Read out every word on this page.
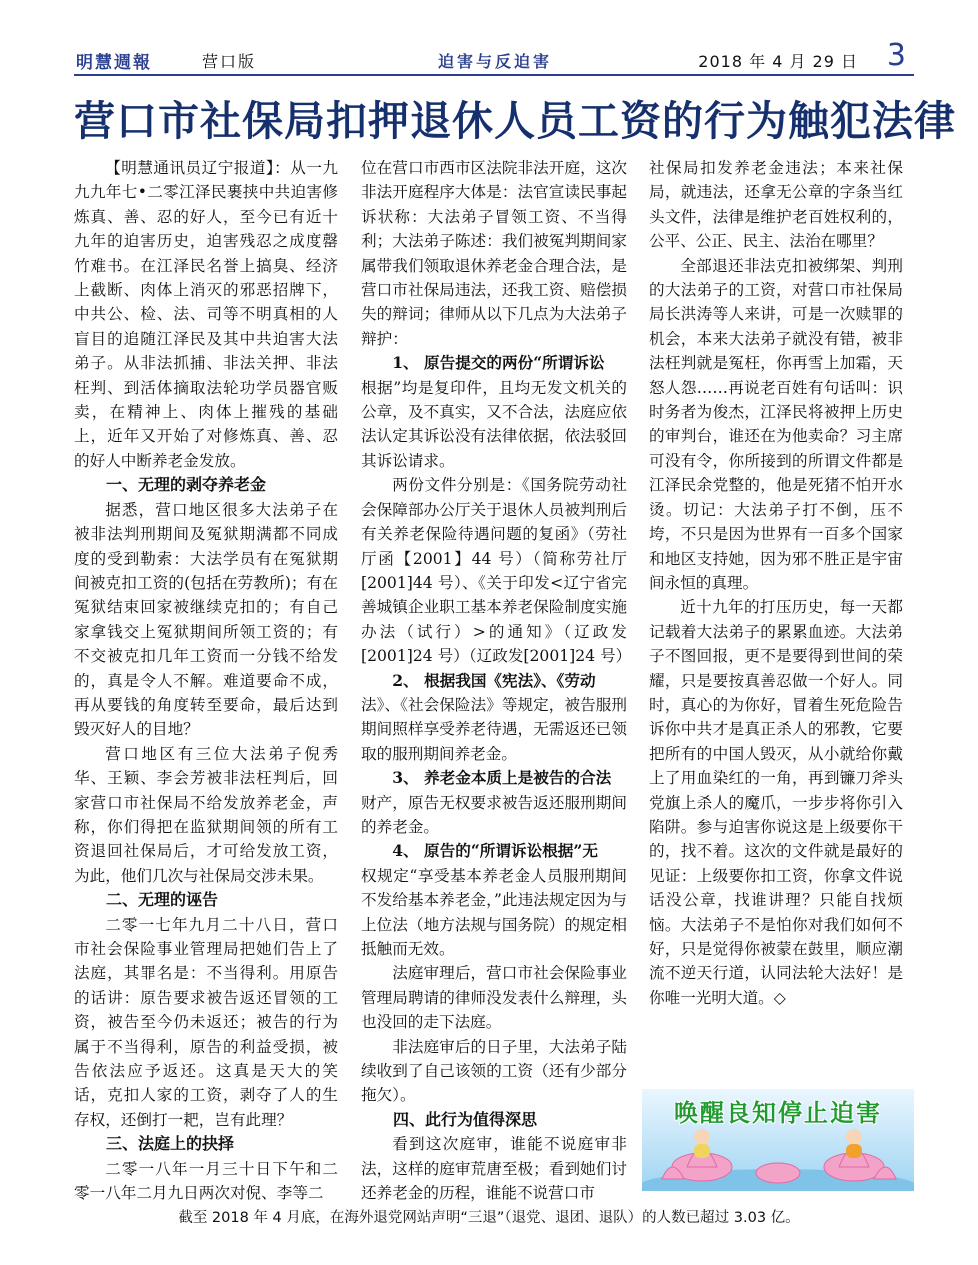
明慧週報	营口版	迫害与反迫害	2018 年 4 月 29 日 3
营口市社保局扣押退休人员工资的行为触犯法律

【明慧通讯员辽宁报道】：从一九九九年七•二零江泽民裹挟中共迫害修炼真、善、忍的好人，至今已有近十九年的迫害历史，迫害残忍之成度罄竹难书。在江泽民名誉上搞臭、经济上截断、肉体上消灭的邪恶招牌下，中共公、检、法、司等不明真相的人盲目的追随江泽民及其中共迫害大法弟子。从非法抓捕、非法关押、非法枉判、到活体摘取法轮功学员器官贩卖，在精神上、肉体上摧残的基础上，近年又开始了对修炼真、善、忍的好人中断养老金发放。

一、无理的剥夺养老金

据悉，营口地区很多大法弟子在被非法判刑期间及冤狱期满都不同成度的受到勒索：大法学员有在冤狱期间被克扣工资的(包括在劳教所)；有在冤狱结束回家被继续克扣的；有自己家拿钱交上冤狱期间所领工资的；有不交被克扣几年工资而一分钱不给发的，真是令人不解。难道要命不成，再从要钱的角度转至要命，最后达到毁灭好人的目地？

营口地区有三位大法弟子倪秀华、王颖、李会芳被非法枉判后，回家营口市社保局不给发放养老金，声称，你们得把在监狱期间领的所有工资退回社保局后，才可给发放工资，为此，他们几次与社保局交涉未果。

二、无理的诬告

二零一七年九月二十八日，营口市社会保险事业管理局把她们告上了法庭，其罪名是：不当得利。用原告的话讲：原告要求被告返还冒领的工资，被告至今仍未返还；被告的行为属于不当得利，原告的利益受损，被告依法应予返还。这真是天大的笑话，克扣人家的工资，剥夺了人的生存权，还倒打一耙，岂有此理？

三、法庭上的抉择

二零一八年一月三十日下午和二零一八年二月九日两次对倪、李等二

位在营口市西市区法院非法开庭，这次非法开庭程序大体是：法官宣读民事起诉状称：大法弟子冒领工资、不当得利；大法弟子陈述：我们被冤判期间家属带我们领取退休养老金合理合法，是营口市社保局违法，还我工资、赔偿损失的辩词；律师从以下几点为大法弟子辩护：

1、 原告提交的两份“所谓诉讼

根据”均是复印件，且均无发文机关的公章，及不真实，又不合法，法庭应依法认定其诉讼没有法律依据，依法驳回其诉讼请求。

两份文件分别是：《国务院劳动社会保障部办公厅关于退休人员被判刑后有关养老保险待遇问题的复函》（劳社厅函【2001】44 号）（简称劳社厅[2001]44 号）、《关于印发<辽宁省完善城镇企业职工基本养老保险制度实施办法（试行）>的通知》（辽政发[2001]24 号）（辽政发[2001]24 号）

2、 根据我国《宪法》、《劳动

法》、《社会保险法》等规定，被告服刑期间照样享受养老待遇，无需返还已领取的服刑期间养老金。

3、 养老金本质上是被告的合法

财产，原告无权要求被告返还服刑期间的养老金。

4、 原告的“所谓诉讼根据”无

权规定“享受基本养老金人员服刑期间不发给基本养老金，”此违法规定因为与上位法（地方法规与国务院）的规定相抵触而无效。

法庭审理后，营口市社会保险事业管理局聘请的律师没发表什么辩理，头也没回的走下法庭。

非法庭审后的日子里，大法弟子陆续收到了自己该领的工资（还有少部分拖欠）。

四、此行为值得深思

看到这次庭审，谁能不说庭审非法，这样的庭审荒唐至极；看到她们讨还养老金的历程，谁能不说营口市

社保局扣发养老金违法；本来社保局，就违法，还拿无公章的字条当红头文件，法律是维护老百姓权利的，公平、公正、民主、法治在哪里？

全部退还非法克扣被绑架、判刑的大法弟子的工资，对营口市社保局局长洪涛等人来讲，可是一次赎罪的机会，本来大法弟子就没有错，被非法枉判就是冤枉，你再雪上加霜，天怒人怨……再说老百姓有句话叫：识时务者为俊杰，江泽民将被押上历史的审判台，谁还在为他卖命？习主席可没有令，你所接到的所谓文件都是江泽民余党整的，他是死猪不怕开水烫。切记：大法弟子打不倒，压不垮，不只是因为世界有一百多个国家和地区支持她，因为邪不胜正是宇宙间永恒的真理。

近十九年的打压历史，每一天都记载着大法弟子的累累血迹。大法弟子不图回报，更不是要得到世间的荣耀，只是要按真善忍做一个好人。同时，真心的为你好，冒着生死危险告诉你中共才是真正杀人的邪教，它要把所有的中国人毁灭，从小就给你戴上了用血染红的一角，再到镰刀斧头党旗上杀人的魔爪，一步步将你引入陷阱。参与迫害你说这是上级要你干的，找不着。这次的文件就是最好的见证：上级要你扣工资，你拿文件说话没公章，找谁讲理？只能自找烦恼。大法弟子不是怕你对我们如何不好，只是觉得你被蒙在鼓里，顺应潮流不逆天行道，认同法轮大法好！是你唯一光明大道。◇

唤醒良知停止迫害
截至 2018 年 4 月底，在海外退党网站声明“三退”（退党、退团、退队）的人数已超过 3.03 亿。
